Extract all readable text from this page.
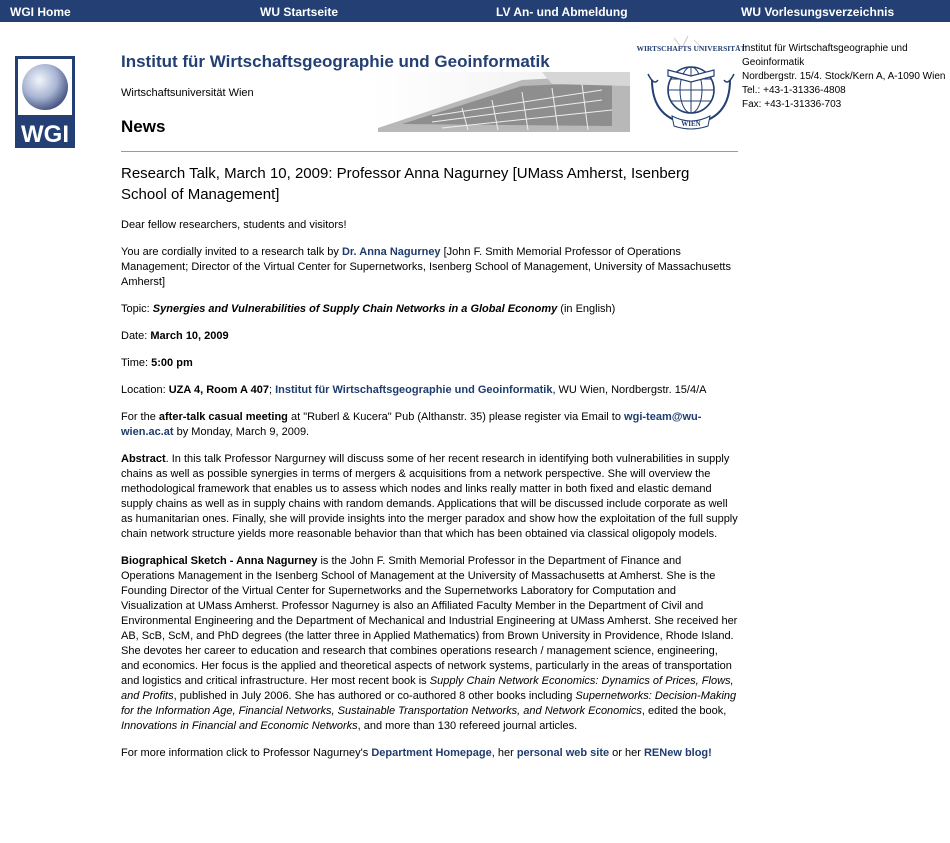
WGI Home	WU Startseite	LV An- und Abmeldung	WU Vorlesungsverzeichnis
WGI
Institut für Wirtschaftsgeographie und Geoinformatik
Wirtschaftsuniversität Wien
News
WIRTSCHAFTS UNIVERSITÄT
WIEN
Institut für Wirtschaftsgeographie und Geoinformatik
Nordbergstr. 15/4. Stock/Kern A, A-1090 Wien
Tel.: +43-1-31336-4808
Fax: +43-1-31336-703
Research Talk, March 10, 2009: Professor Anna Nagurney [UMass Amherst, Isenberg School of Management]

Dear fellow researchers, students and visitors!

You are cordially invited to a research talk by Dr. Anna Nagurney [John F. Smith Memorial Professor of Operations Management; Director of the Virtual Center for Supernetworks, Isenberg School of Management, University of Massachusetts Amherst]

Topic: Synergies and Vulnerabilities of Supply Chain Networks in a Global Economy (in English)

Date: March 10, 2009

Time: 5:00 pm

Location: UZA 4, Room A 407; Institut für Wirtschaftsgeographie und Geoinformatik, WU Wien, Nordbergstr. 15/4/A

For the after-talk casual meeting at "Ruberl & Kucera" Pub (Althanstr. 35) please register via Email to wgi-team@wu-wien.ac.at by Monday, March 9, 2009.

Abstract. In this talk Professor Nargurney will discuss some of her recent research in identifying both vulnerabilities in supply chains as well as possible synergies in terms of mergers & acquisitions from a network perspective. She will overview the methodological framework that enables us to assess which nodes and links really matter in both fixed and elastic demand supply chains as well as in supply chains with random demands. Applications that will be discussed include corporate as well as humanitarian ones. Finally, she will provide insights into the merger paradox and show how the exploitation of the full supply chain network structure yields more reasonable behavior than that which has been obtained via classical oligopoly models.

Biographical Sketch - Anna Nagurney is the John F. Smith Memorial Professor in the Department of Finance and Operations Management in the Isenberg School of Management at the University of Massachusetts at Amherst. She is the Founding Director of the Virtual Center for Supernetworks and the Supernetworks Laboratory for Computation and Visualization at UMass Amherst. Professor Nagurney is also an Affiliated Faculty Member in the Department of Civil and Environmental Engineering and the Department of Mechanical and Industrial Engineering at UMass Amherst. She received her AB, ScB, ScM, and PhD degrees (the latter three in Applied Mathematics) from Brown University in Providence, Rhode Island. She devotes her career to education and research that combines operations research / management science, engineering, and economics. Her focus is the applied and theoretical aspects of network systems, particularly in the areas of transportation and logistics and critical infrastructure. Her most recent book is Supply Chain Network Economics: Dynamics of Prices, Flows, and Profits, published in July 2006. She has authored or co-authored 8 other books including Supernetworks: Decision-Making for the Information Age, Financial Networks, Sustainable Transportation Networks, and Network Economics, edited the book, Innovations in Financial and Economic Networks, and more than 130 refereed journal articles.

For more information click to Professor Nagurney's Department Homepage, her personal web site or her RENew blog!
